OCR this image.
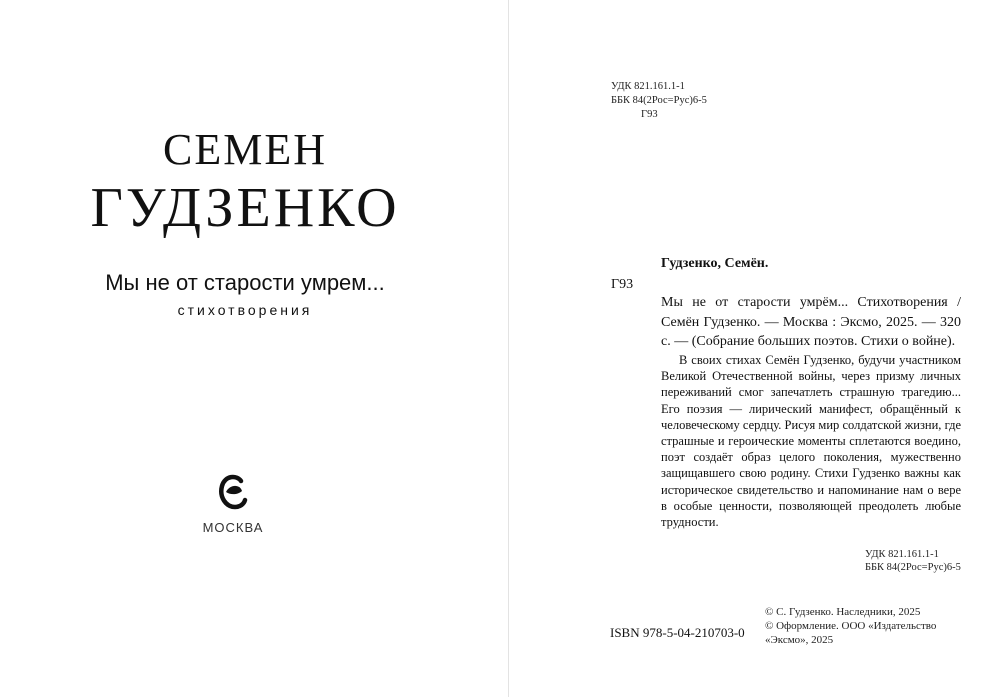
СЕМЕН
ГУДЗЕНКО
Мы не от старости умрем...
стихотворения
МОСКВА
УДК 821.161.1-1
ББК 84(2Рос=Рус)6-5
Г93
Гудзенко, Семён.
Г93
Мы не от старости умрём... Стихотворения / Семён Гудзенко. — Москва : Эксмо, 2025. — 320 с. — (Собрание больших поэтов. Стихи о войне).
В своих стихах Семён Гудзенко, будучи участником Великой Отечественной войны, через призму личных переживаний смог запечатлеть страшную трагедию... Его поэзия — лирический манифест, обращённый к человеческому сердцу. Рисуя мир солдатской жизни, где страшные и героические моменты сплетаются воедино, поэт создаёт образ целого поколения, мужественно защищавшего свою родину. Стихи Гудзенко важны как историческое свидетельство и напоминание нам о вере в особые ценности, позволяющей преодолеть любые трудности.
УДК 821.161.1-1
ББК 84(2Рос=Рус)6-5
© С. Гудзенко. Наследники, 2025
© Оформление. ООО «Издательство «Эксмо», 2025
ISBN 978-5-04-210703-0
